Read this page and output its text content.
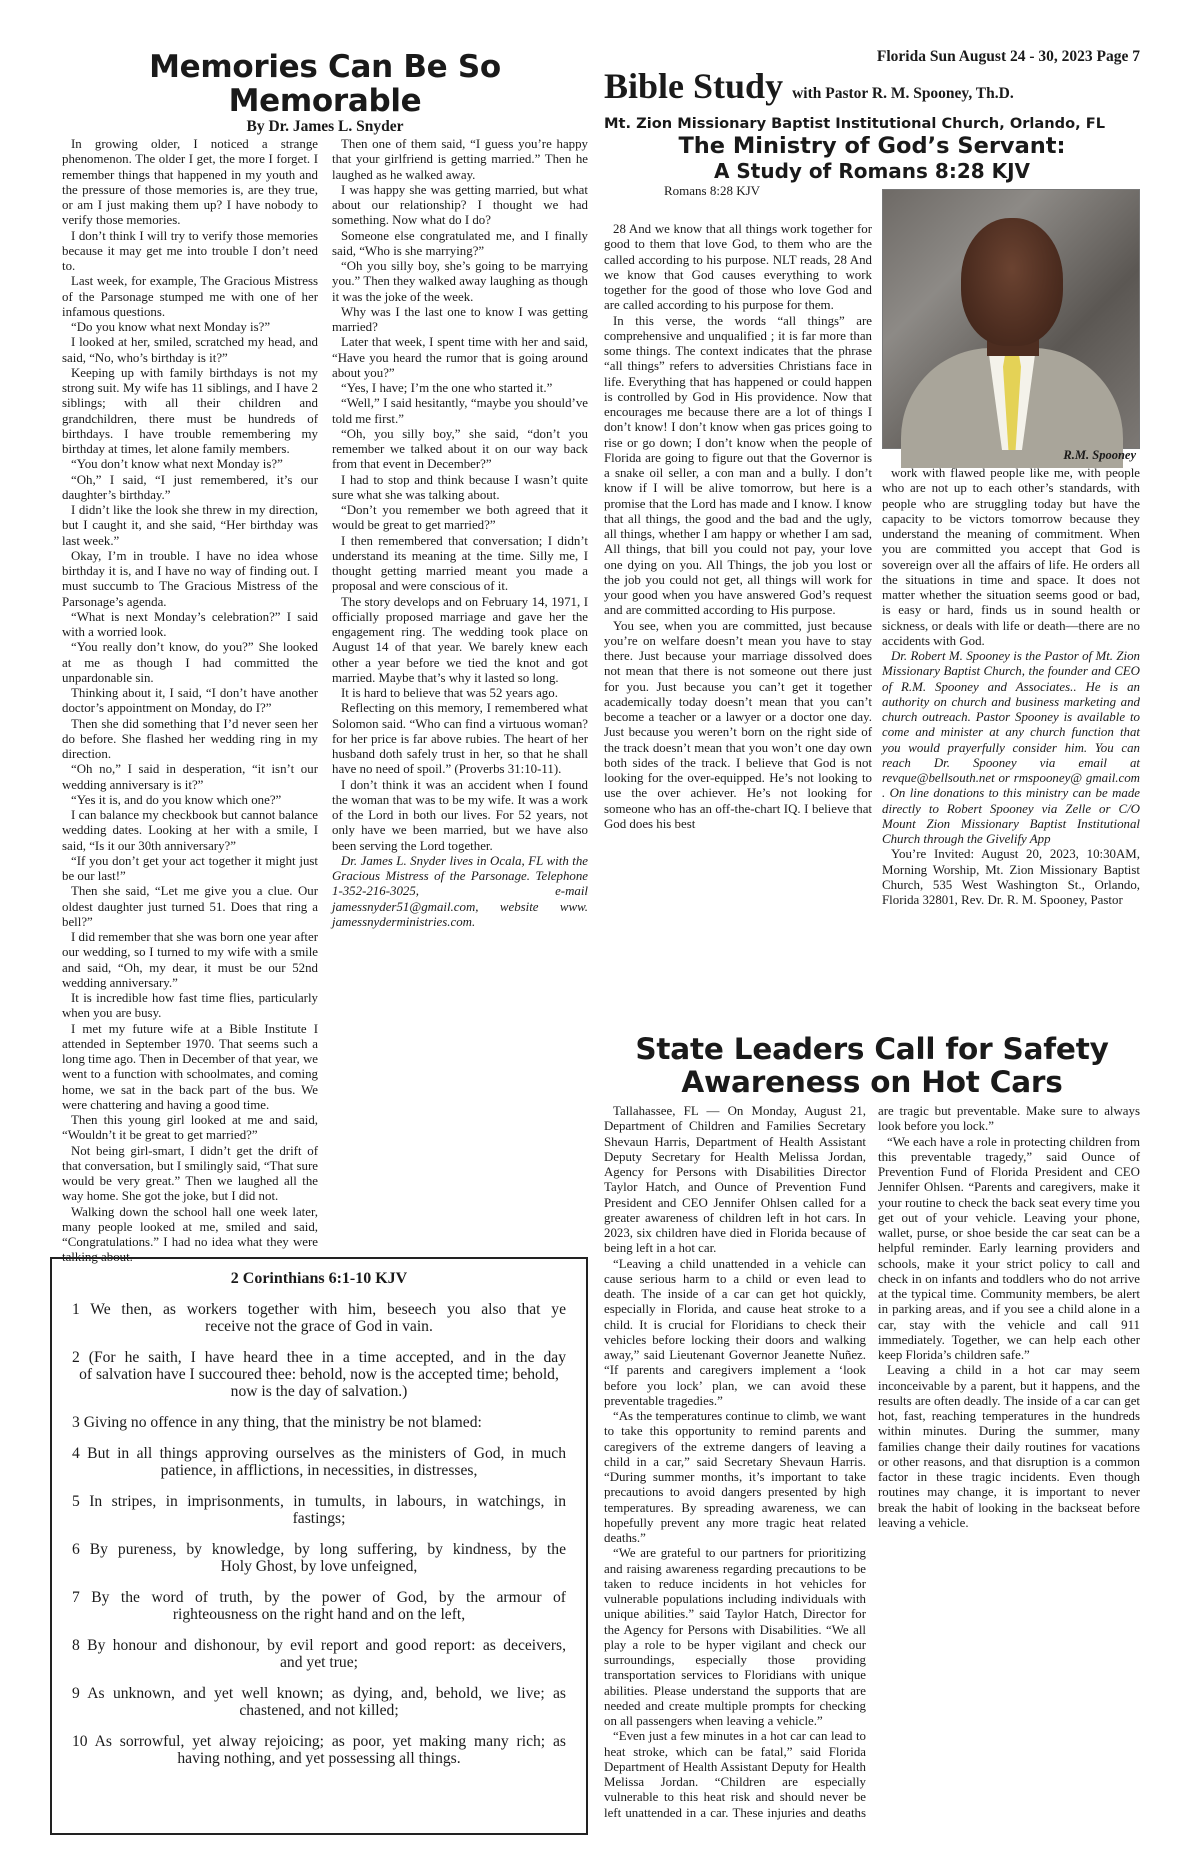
Memories Can Be So Memorable
By Dr. James L. Snyder

In growing older, I noticed a strange phenomenon. The older I get, the more I forget. I remember things that happened in my youth and the pressure of those memories is, are they true, or am I just making them up? I have nobody to verify those memories.

I don’t think I will try to verify those memories because it may get me into trouble I don’t need to.

Last week, for example, The Gracious Mistress of the Parsonage stumped me with one of her infamous questions.

“Do you know what next Monday is?”

I looked at her, smiled, scratched my head, and said, “No, who’s birthday is it?”

Keeping up with family birthdays is not my strong suit. My wife has 11 siblings, and I have 2 siblings; with all their children and grandchildren, there must be hundreds of birthdays. I have trouble remembering my birthday at times, let alone family members.

“You don’t know what next Monday is?”

“Oh,” I said, “I just remembered, it’s our daughter’s birthday.”

I didn’t like the look she threw in my direction, but I caught it, and she said, “Her birthday was last week.”

Okay, I’m in trouble. I have no idea whose birthday it is, and I have no way of finding out. I must succumb to The Gracious Mistress of the Parsonage’s agenda.

“What is next Monday’s celebration?” I said with a worried look.

“You really don’t know, do you?” She looked at me as though I had committed the unpardonable sin.

Thinking about it, I said, “I don’t have another doctor’s appointment on Monday, do I?”

Then she did something that I’d never seen her do before. She flashed her wedding ring in my direction.

“Oh no,” I said in desperation, “it isn’t our wedding anniversary is it?”

“Yes it is, and do you know which one?”

I can balance my checkbook but cannot balance wedding dates. Looking at her with a smile, I said, “Is it our 30th anniversary?”

“If you don’t get your act together it might just be our last!”

Then she said, “Let me give you a clue. Our oldest daughter just turned 51. Does that ring a bell?”

I did remember that she was born one year after our wedding, so I turned to my wife with a smile and said, “Oh, my dear, it must be our 52nd wedding anniversary.”

It is incredible how fast time flies, particularly when you are busy.

I met my future wife at a Bible Institute I attended in September 1970. That seems such a long time ago. Then in December of that year, we went to a function with schoolmates, and coming home, we sat in the back part of the bus. We were chattering and having a good time.

Then this young girl looked at me and said, “Wouldn’t it be great to get married?”

Not being girl-smart, I didn’t get the drift of that conversation, but I smilingly said, “That sure would be very great.” Then we laughed all the way home. She got the joke, but I did not.

Walking down the school hall one week later, many people looked at me, smiled and said, “Congratulations.” I had no idea what they were talking about.

Then one of them said, “I guess you’re happy that your girlfriend is getting married.” Then he laughed as he walked away.

I was happy she was getting married, but what about our relationship? I thought we had something. Now what do I do?

Someone else congratulated me, and I finally said, “Who is she marrying?”

“Oh you silly boy, she’s going to be marrying you.” Then they walked away laughing as though it was the joke of the week.

Why was I the last one to know I was getting married?

Later that week, I spent time with her and said, “Have you heard the rumor that is going around about you?”

“Yes, I have; I’m the one who started it.”

“Well,” I said hesitantly, “maybe you should’ve told me first.”

“Oh, you silly boy,” she said, “don’t you remember we talked about it on our way back from that event in December?”

I had to stop and think because I wasn’t quite sure what she was talking about.

“Don’t you remember we both agreed that it would be great to get married?”

I then remembered that conversation; I didn’t understand its meaning at the time. Silly me, I thought getting married meant you made a proposal and were conscious of it.

The story develops and on February 14, 1971, I officially proposed marriage and gave her the engagement ring. The wedding took place on August 14 of that year. We barely knew each other a year before we tied the knot and got married. Maybe that’s why it lasted so long.

It is hard to believe that was 52 years ago.

Reflecting on this memory, I remembered what Solomon said. “Who can find a virtuous woman? for her price is far above rubies. The heart of her husband doth safely trust in her, so that he shall have no need of spoil.” (Proverbs 31:10-11).

I don’t think it was an accident when I found the woman that was to be my wife. It was a work of the Lord in both our lives. For 52 years, not only have we been married, but we have also been serving the Lord together.

Dr. James L. Snyder lives in Ocala, FL with the Gracious Mistress of the Parsonage. Telephone 1-352-216-3025, e-mail jamessnyder51@gmail.com, website www. jamessnyderministries.com.

Florida Sun August 24 - 30, 2023 Page 7
Bible Study with Pastor R. M. Spooney, Th.D.
Mt. Zion Missionary Baptist Institutional Church, Orlando, FL
The Ministry of God’s Servant:
A Study of Romans 8:28 KJV
Romans 8:28 KJV

28 And we know that all things work together for good to them that love God, to them who are the called according to his purpose. NLT reads, 28 And we know that God causes everything to work together for the good of those who love God and are called according to his purpose for them.

In this verse, the words “all things” are comprehensive and unqualified ; it is far more than some things. The context indicates that the phrase “all things” refers to adversities Christians face in life. Everything that has happened or could happen is controlled by God in His providence. Now that encourages me because there are a lot of things I don’t know! I don’t know when gas prices going to rise or go down; I don’t know when the people of Florida are going to figure out that the Governor is a snake oil seller, a con man and a bully. I don’t know if I will be alive tomorrow, but here is a promise that the Lord has made and I know. I know that all things, the good and the bad and the ugly, all things, whether I am happy or whether I am sad, All things, that bill you could not pay, your love one dying on you. All Things, the job you lost or the job you could not get, all things will work for your good when you have answered God’s request and are committed according to His purpose.

You see, when you are committed, just because you’re on welfare doesn’t mean you have to stay there. Just because your marriage dissolved does not mean that there is not someone out there just for you. Just because you can’t get it together academically today doesn’t mean that you can’t become a teacher or a lawyer or a doctor one day. Just because you weren’t born on the right side of the track doesn’t mean that you won’t one day own both sides of the track. I believe that God is not looking for the over-equipped. He’s not looking to use the over achiever. He’s not looking for someone who has an off-the-chart IQ. I believe that God does his best

R.M. Spooney

work with flawed people like me, with people who are not up to each other’s standards, with people who are struggling today but have the capacity to be victors tomorrow because they understand the meaning of commitment. When you are committed you accept that God is sovereign over all the affairs of life. He orders all the situations in time and space. It does not matter whether the situation seems good or bad, is easy or hard, finds us in sound health or sickness, or deals with life or death—there are no accidents with God.

Dr. Robert M. Spooney is the Pastor of Mt. Zion Missionary Baptist Church, the founder and CEO of R.M. Spooney and Associates.. He is an authority on church and business marketing and church outreach. Pastor Spooney is available to come and minister at any church function that you would prayerfully consider him. You can reach Dr. Spooney via email at revque@bellsouth.net or rmspooney@ gmail.com . On line donations to this ministry can be made directly to Robert Spooney via Zelle or C/O Mount Zion Missionary Baptist Institutional Church through the Givelify App

You’re Invited: August 20, 2023, 10:30AM, Morning Worship, Mt. Zion Missionary Baptist Church, 535 West Washington St., Orlando, Florida 32801, Rev. Dr. R. M. Spooney, Pastor

State Leaders Call for Safety
Awareness on Hot Cars

Tallahassee, FL — On Monday, August 21, Department of Children and Families Secretary Shevaun Harris, Department of Health Assistant Deputy Secretary for Health Melissa Jordan, Agency for Persons with Disabilities Director Taylor Hatch, and Ounce of Prevention Fund President and CEO Jennifer Ohlsen called for a greater awareness of children left in hot cars. In 2023, six children have died in Florida because of being left in a hot car.

“Leaving a child unattended in a vehicle can cause serious harm to a child or even lead to death. The inside of a car can get hot quickly, especially in Florida, and cause heat stroke to a child. It is crucial for Floridians to check their vehicles before locking their doors and walking away,” said Lieutenant Governor Jeanette Nuñez. “If parents and caregivers implement a ‘look before you lock’ plan, we can avoid these preventable tragedies.”

“As the temperatures continue to climb, we want to take this opportunity to remind parents and caregivers of the extreme dangers of leaving a child in a car,” said Secretary Shevaun Harris. “During summer months, it’s important to take precautions to avoid dangers presented by high temperatures. By spreading awareness, we can hopefully prevent any more tragic heat related deaths.”

“We are grateful to our partners for prioritizing and raising awareness regarding precautions to be taken to reduce incidents in hot vehicles for vulnerable populations including individuals with unique abilities.” said Taylor Hatch, Director for the Agency for Persons with Disabilities. “We all play a role to be hyper vigilant and check our surroundings, especially those providing transportation services to Floridians with unique abilities. Please understand the supports that are needed and create multiple prompts for checking on all passengers when leaving a vehicle.”

“Even just a few minutes in a hot car can lead to heat stroke, which can be fatal,” said Florida Department of Health Assistant Deputy for Health Melissa Jordan. “Children are especially vulnerable to this heat risk and should never be left unattended in a car. These injuries and deaths are tragic but preventable. Make sure to always look before you lock.”

“We each have a role in protecting children from this preventable tragedy,” said Ounce of Prevention Fund of Florida President and CEO Jennifer Ohlsen. “Parents and caregivers, make it your routine to check the back seat every time you get out of your vehicle. Leaving your phone, wallet, purse, or shoe beside the car seat can be a helpful reminder. Early learning providers and schools, make it your strict policy to call and check in on infants and toddlers who do not arrive at the typical time. Community members, be alert in parking areas, and if you see a child alone in a car, stay with the vehicle and call 911 immediately. Together, we can help each other keep Florida’s children safe.”

Leaving a child in a hot car may seem inconceivable by a parent, but it happens, and the results are often deadly. The inside of a car can get hot, fast, reaching temperatures in the hundreds within minutes. During the summer, many families change their daily routines for vacations or other reasons, and that disruption is a common factor in these tragic incidents. Even though routines may change, it is important to never break the habit of looking in the backseat before leaving a vehicle.

2 Corinthians 6:1-10 KJV
1 We then, as workers together with him, beseech you also that ye
receive not the grace of God in vain.
2 (For he saith, I have heard thee in a time accepted, and in the day
of salvation have I succoured thee: behold, now is the accepted time; behold, now is the day of salvation.)
3 Giving no offence in any thing, that the ministry be not blamed:
4 But in all things approving ourselves as the ministers of God, in much
patience, in afflictions, in necessities, in distresses,
5 In stripes, in imprisonments, in tumults, in labours, in watchings, in
fastings;
6 By pureness, by knowledge, by long suffering, by kindness, by the
Holy Ghost, by love unfeigned,
7 By the word of truth, by the power of God, by the armour of
righteousness on the right hand and on the left,
8 By honour and dishonour, by evil report and good report: as deceivers,
and yet true;
9 As unknown, and yet well known; as dying, and, behold, we live; as
chastened, and not killed;
10 As sorrowful, yet alway rejoicing; as poor, yet making many rich; as
having nothing, and yet possessing all things.
